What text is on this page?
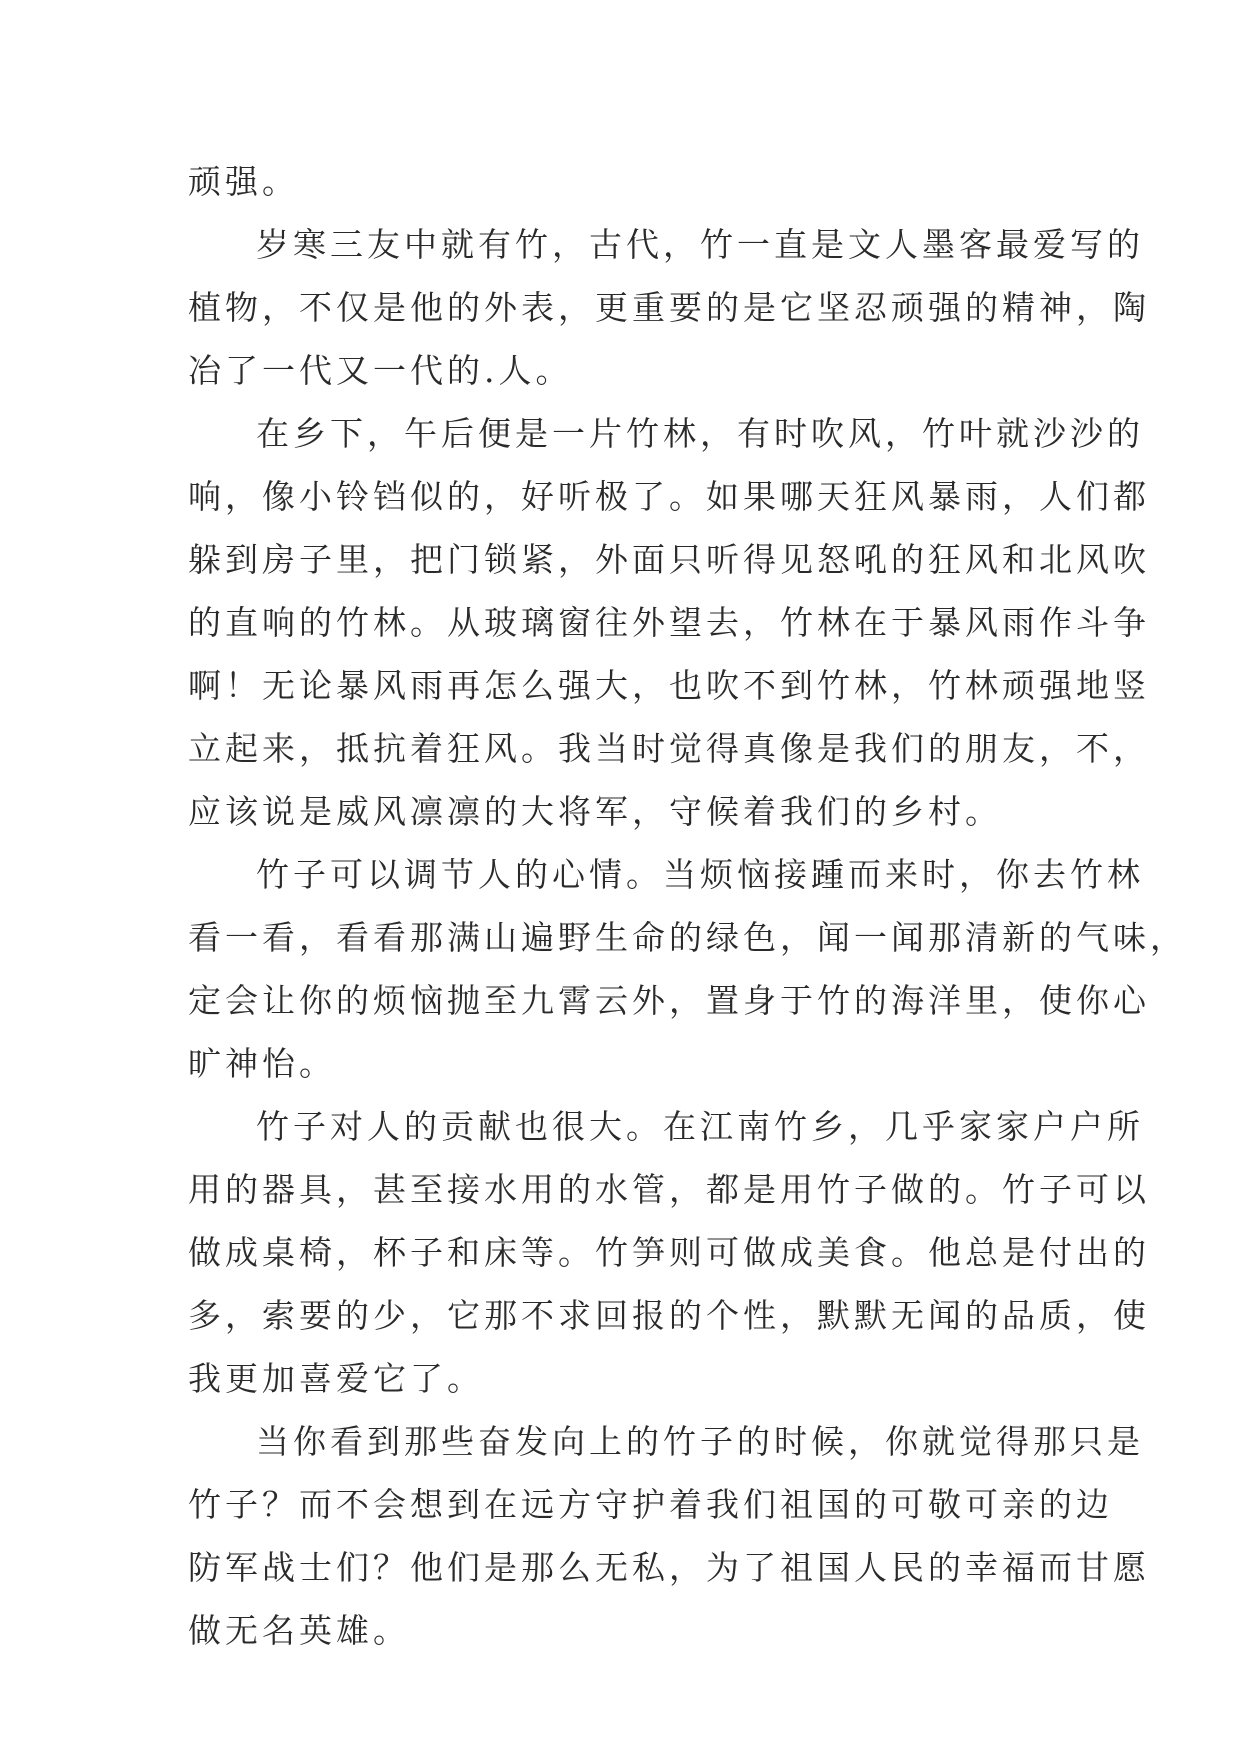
顽强。
岁寒三友中就有竹，古代，竹一直是文人墨客最爱写的
植物，不仅是他的外表，更重要的是它坚忍顽强的精神，陶
冶了一代又一代的.人。
在乡下，午后便是一片竹林，有时吹风，竹叶就沙沙的
响，像小铃铛似的，好听极了。如果哪天狂风暴雨，人们都
躲到房子里，把门锁紧，外面只听得见怒吼的狂风和北风吹
的直响的竹林。从玻璃窗往外望去，竹林在于暴风雨作斗争
啊！无论暴风雨再怎么强大，也吹不到竹林，竹林顽强地竖
立起来，抵抗着狂风。我当时觉得真像是我们的朋友，不，
应该说是威风凛凛的大将军，守候着我们的乡村。
竹子可以调节人的心情。当烦恼接踵而来时，你去竹林
看一看，看看那满山遍野生命的绿色，闻一闻那清新的气味，
定会让你的烦恼抛至九霄云外，置身于竹的海洋里，使你心
旷神怡。
竹子对人的贡献也很大。在江南竹乡，几乎家家户户所
用的器具，甚至接水用的水管，都是用竹子做的。竹子可以
做成桌椅，杯子和床等。竹笋则可做成美食。他总是付出的
多，索要的少，它那不求回报的个性，默默无闻的品质，使
我更加喜爱它了。
当你看到那些奋发向上的竹子的时候，你就觉得那只是
竹子？而不会想到在远方守护着我们祖国的可敬可亲的边
防军战士们？他们是那么无私，为了祖国人民的幸福而甘愿
做无名英雄。
